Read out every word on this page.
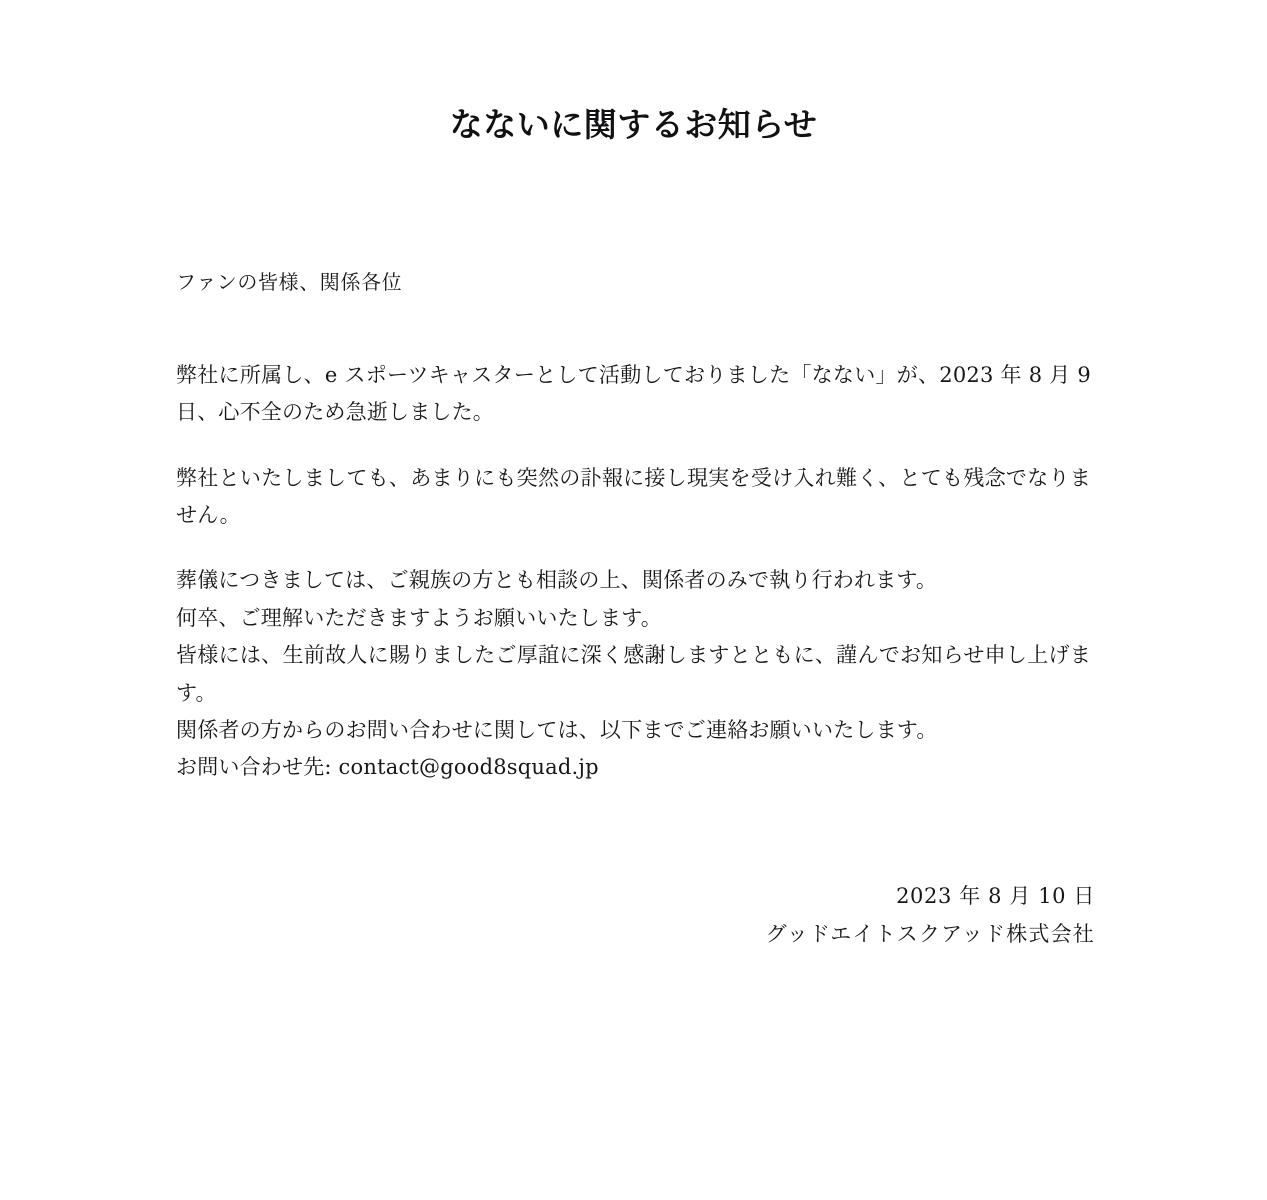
なないに関するお知らせ

ファンの皆様、関係各位

弊社に所属し、e スポーツキャスターとして活動しておりました「なない」が、2023 年 8 月 9 日、心不全のため急逝しました。

弊社といたしましても、あまりにも突然の訃報に接し現実を受け入れ難く、とても残念でなりません。

葬儀につきましては、ご親族の方とも相談の上、関係者のみで執り行われます。

何卒、ご理解いただきますようお願いいたします。

皆様には、生前故人に賜りましたご厚誼に深く感謝しますとともに、謹んでお知らせ申し上げます。

関係者の方からのお問い合わせに関しては、以下までご連絡お願いいたします。

お問い合わせ先: contact@good8squad.jp

2023 年 8 月 10 日
グッドエイトスクアッド株式会社
